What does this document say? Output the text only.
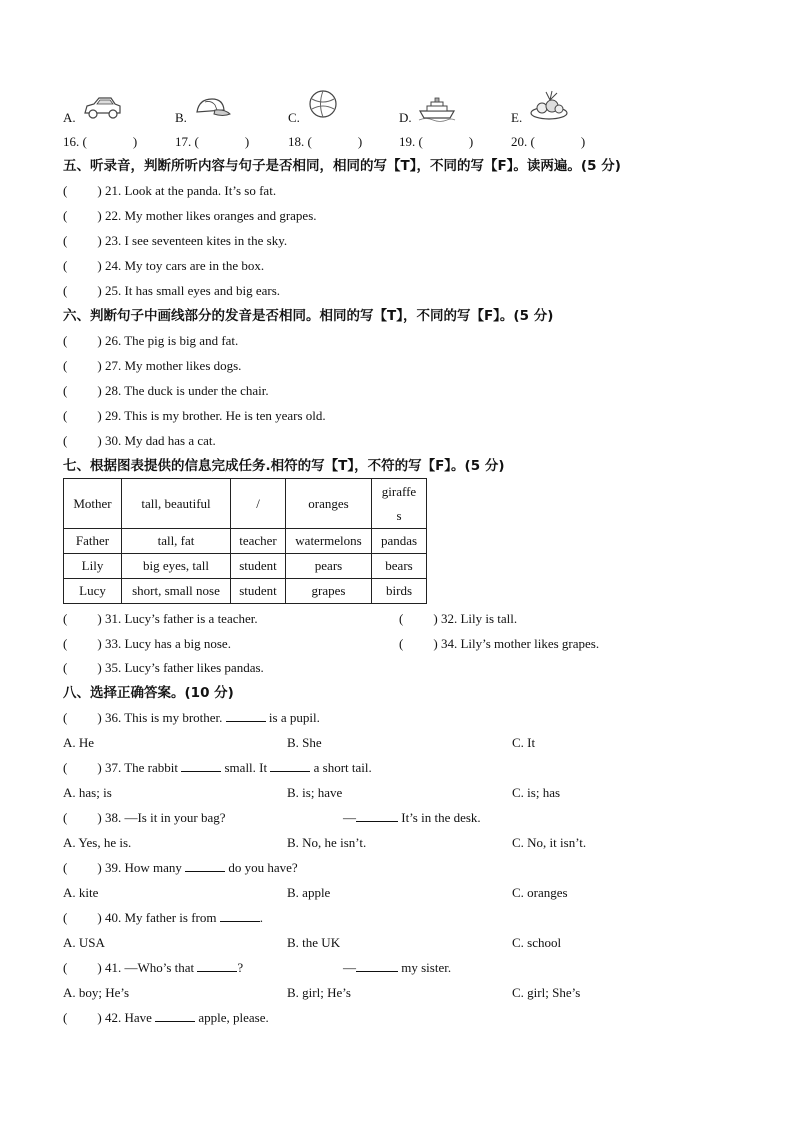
A.	B.	C.	D.	E.
16. (	)	17. (	)	18. (	)	19. (	)	20. (	)
五、听录音，判断所听内容与句子是否相同，相同的写【T】，不同的写【F】。读两遍。(5 分)
( ) 21. Look at the panda. It’s so fat.
( ) 22. My mother likes oranges and grapes.
( ) 23. I see seventeen kites in the sky.
( ) 24. My toy cars are in the box.
( ) 25. It has small eyes and big ears.
六、判断句子中画线部分的发音是否相同。相同的写【T】，不同的写【F】。(5 分)
( ) 26. The pig is big and fat.
( ) 27. My mother likes dogs.
( ) 28. The duck is under the chair.
( ) 29. This is my brother. He is ten years old.
( ) 30. My dad has a cat.
七、根据图表提供的信息完成任务.相符的写【T】，不符的写【F】。(5 分)
Mother	tall, beautiful	/	oranges	giraffe
s
Father	tall, fat	teacher	watermelons	pandas
Lily	big eyes, tall	student	pears	bears
Lucy	short, small nose	student	grapes	birds
( ) 31. Lucy’s father is a teacher.	( ) 32. Lily is tall.
( ) 33. Lucy has a big nose.	( ) 34. Lily’s mother likes grapes.
( ) 35. Lucy’s father likes pandas.
八、选择正确答案。(10 分)
( ) 36. This is my brother.	is a pupil.
A. He	B. She	C. It
( ) 37. The rabbit	small. It	a short tail.
A. has; is	B. is; have	C. is; has
( ) 38. —Is it in your bag?	—	It’s in the desk.
A. Yes, he is.	B. No, he isn’t.	C. No, it isn’t.
( ) 39. How many	do you have?
A. kite	B. apple	C. oranges
( ) 40. My father is from	.
A. USA	B. the UK	C. school
( ) 41. —Who’s that	?	—	my sister.
A. boy; He’s	B. girl; He’s	C. girl; She’s
( ) 42. Have	apple, please.
